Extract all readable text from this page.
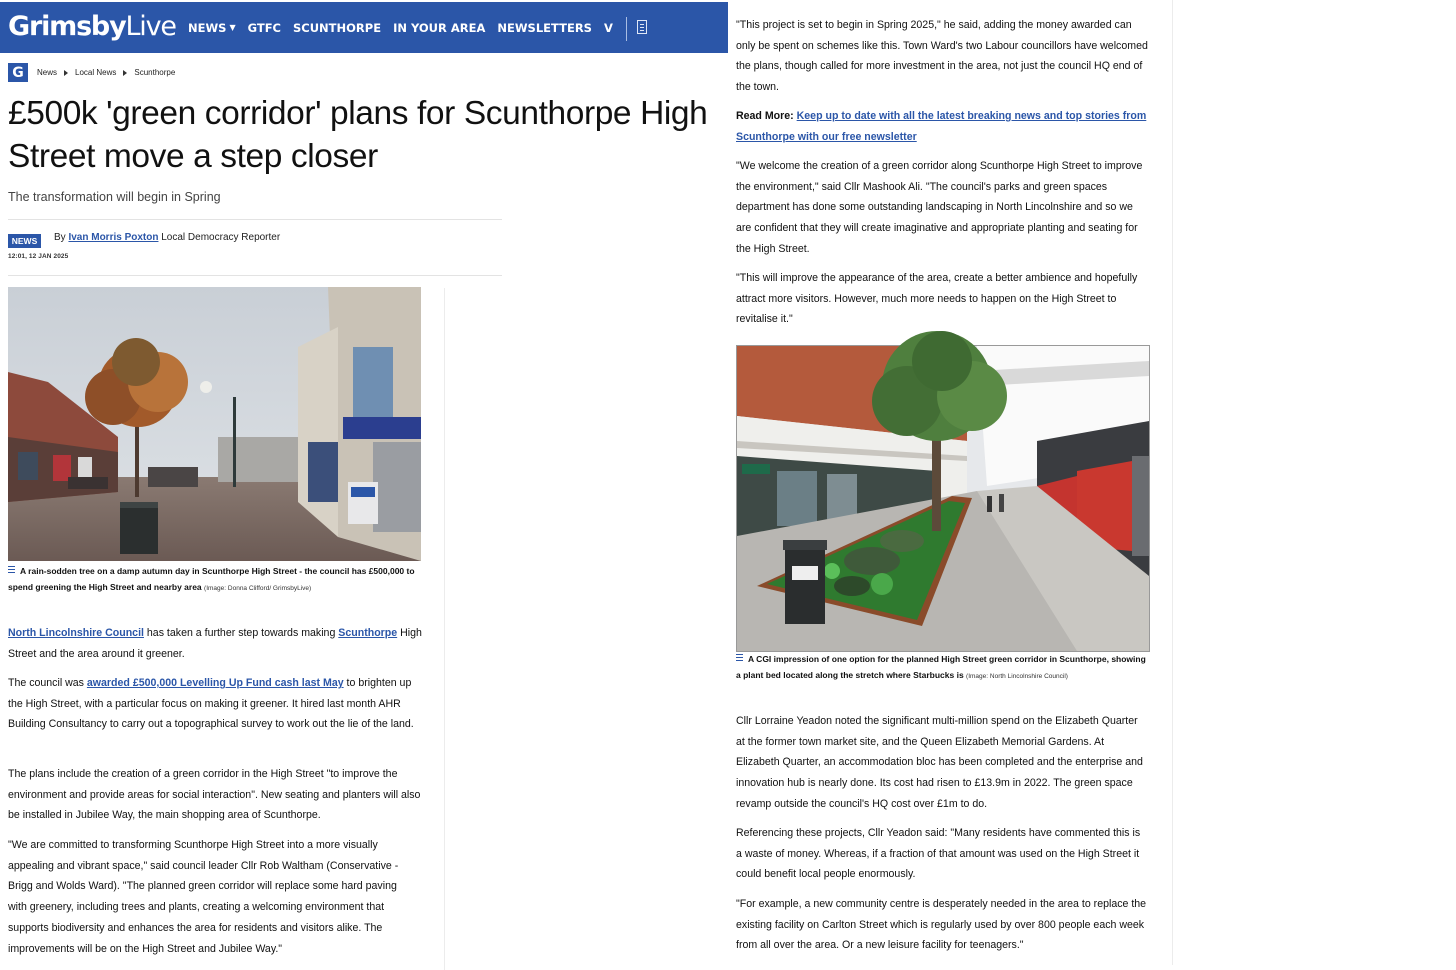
GrimsbyLive NEWS ▼ GTFC SCUNTHORPE IN YOUR AREA NEWSLETTERS V
G	News Local News Scunthorpe
£500k 'green corridor' plans for Scunthorpe High Street move a step closer
The transformation will begin in Spring
NEWS	By Ivan Morris Poxton Local Democracy Reporter
12:01, 12 JAN 2025
A rain-sodden tree on a damp autumn day in Scunthorpe High Street - the council has £500,000 to spend greening the High Street and nearby area (Image: Donna Clifford/ GrimsbyLive)

North Lincolnshire Council has taken a further step towards making Scunthorpe High Street and the area around it greener.

The council was awarded £500,000 Levelling Up Fund cash last May to brighten up the High Street, with a particular focus on making it greener. It hired last month AHR Building Consultancy to carry out a topographical survey to work out the lie of the land.

The plans include the creation of a green corridor in the High Street "to improve the environment and provide areas for social interaction". New seating and planters will also be installed in Jubilee Way, the main shopping area of Scunthorpe.

"We are committed to transforming Scunthorpe High Street into a more visually appealing and vibrant space," said council leader Cllr Rob Waltham (Conservative - Brigg and Wolds Ward). "The planned green corridor will replace some hard paving with greenery, including trees and plants, creating a welcoming environment that supports biodiversity and enhances the area for residents and visitors alike. The improvements will be on the High Street and Jubilee Way."

"This project is set to begin in Spring 2025," he said, adding the money awarded can only be spent on schemes like this. Town Ward's two Labour councillors have welcomed the plans, though called for more investment in the area, not just the council HQ end of the town.

Read More: Keep up to date with all the latest breaking news and top stories from Scunthorpe with our free newsletter

"We welcome the creation of a green corridor along Scunthorpe High Street to improve the environment," said Cllr Mashook Ali. "The council's parks and green spaces department has done some outstanding landscaping in North Lincolnshire and so we are confident that they will create imaginative and appropriate planting and seating for the High Street.

"This will improve the appearance of the area, create a better ambience and hopefully attract more visitors. However, much more needs to happen on the High Street to revitalise it."

A CGI impression of one option for the planned High Street green corridor in Scunthorpe, showing a plant bed located along the stretch where Starbucks is (Image: North Lincolnshire Council)

Cllr Lorraine Yeadon noted the significant multi-million spend on the Elizabeth Quarter at the former town market site, and the Queen Elizabeth Memorial Gardens. At Elizabeth Quarter, an accommodation bloc has been completed and the enterprise and innovation hub is nearly done. Its cost had risen to £13.9m in 2022. The green space revamp outside the council's HQ cost over £1m to do.

Referencing these projects, Cllr Yeadon said: "Many residents have commented this is a waste of money. Whereas, if a fraction of that amount was used on the High Street it could benefit local people enormously.

"For example, a new community centre is desperately needed in the area to replace the existing facility on Carlton Street which is regularly used by over 800 people each week from all over the area. Or a new leisure facility for teenagers."
